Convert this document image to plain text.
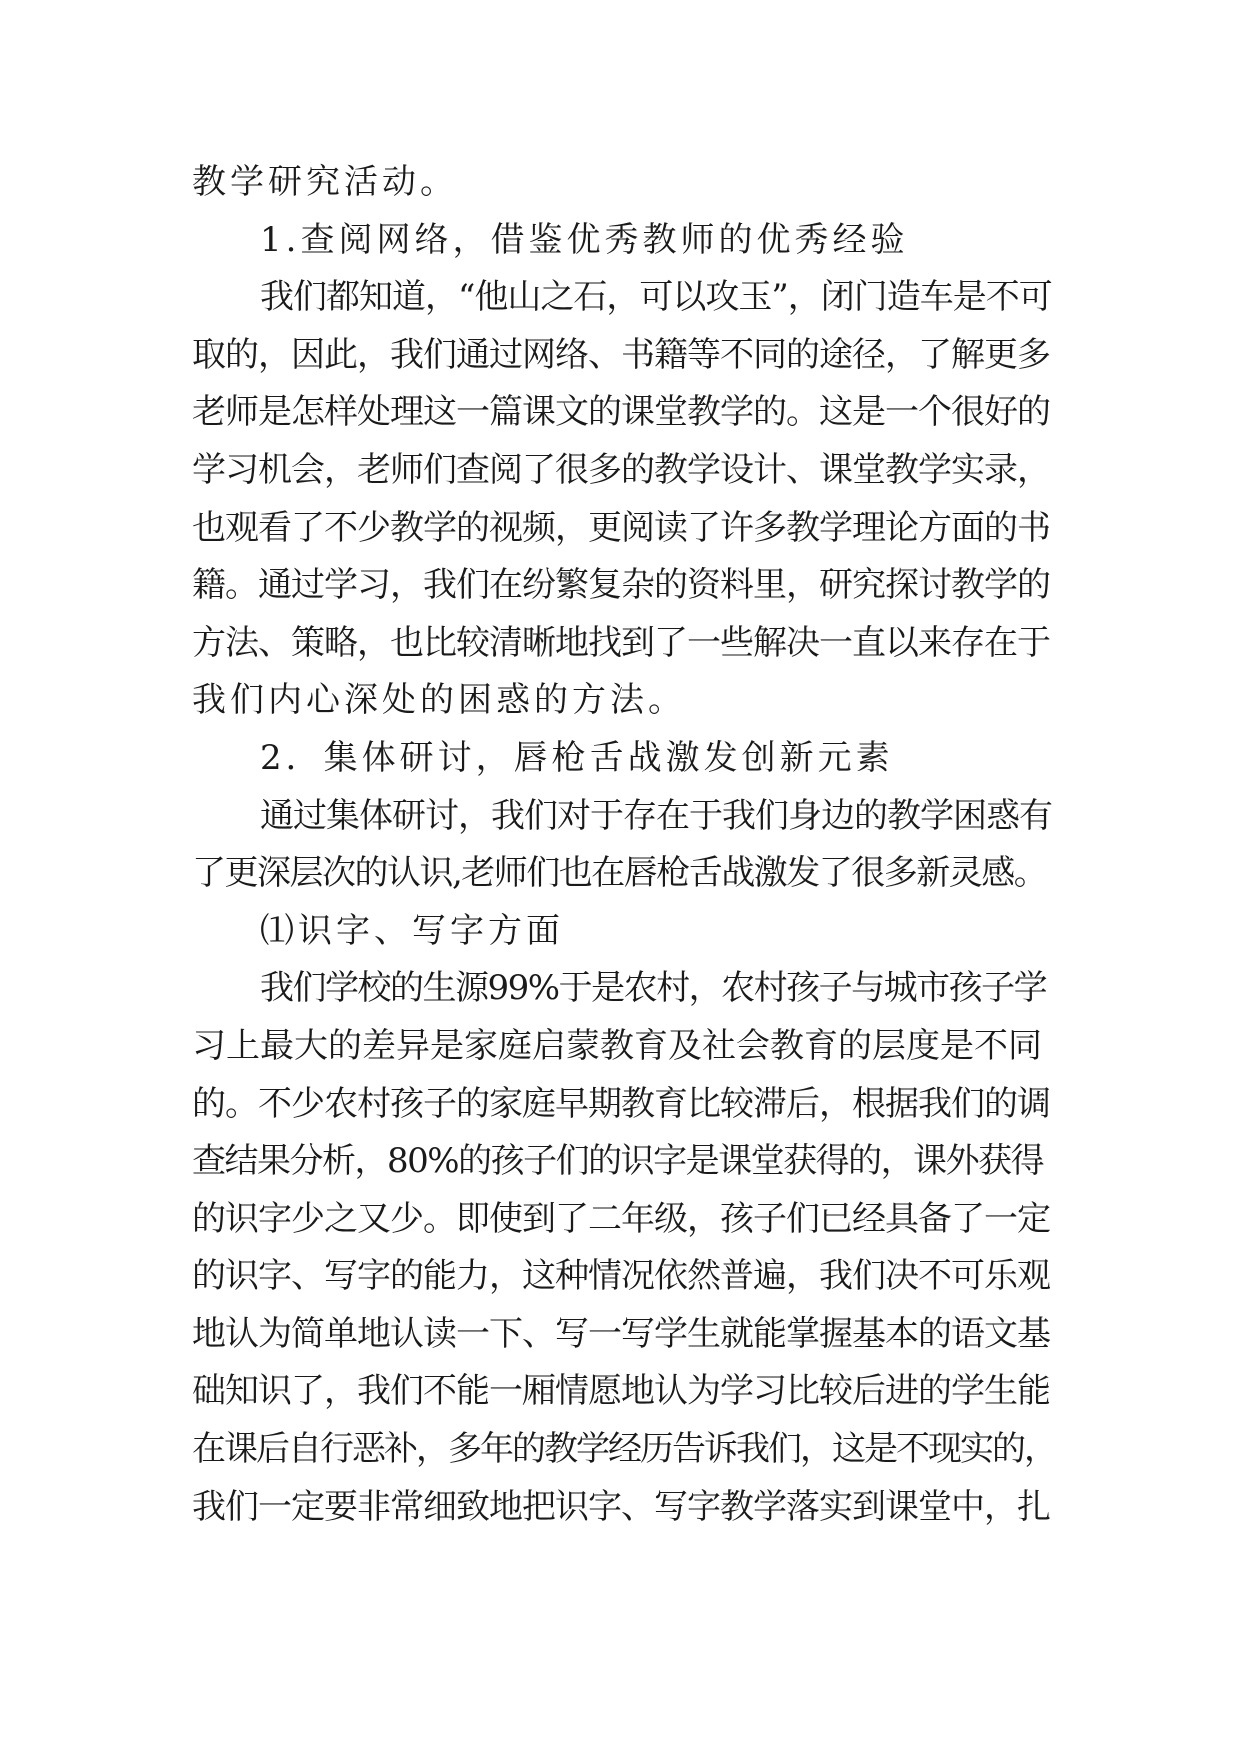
教学研究活动。
1.查阅网络，借鉴优秀教师的优秀经验
我们都知道，“他山之石，可以攻玉”，闭门造车是不可
取的，因此，我们通过网络、书籍等不同的途径，了解更多
老师是怎样处理这一篇课文的课堂教学的。这是一个很好的
学习机会，老师们查阅了很多的教学设计、课堂教学实录，
也观看了不少教学的视频，更阅读了许多教学理论方面的书
籍。通过学习，我们在纷繁复杂的资料里，研究探讨教学的
方法、策略，也比较清晰地找到了一些解决一直以来存在于
我们内心深处的困惑的方法。
2．集体研讨，唇枪舌战激发创新元素
通过集体研讨，我们对于存在于我们身边的教学困惑有
了更深层次的认识,老师们也在唇枪舌战激发了很多新灵感。
⑴识字、写字方面
我们学校的生源99%于是农村，农村孩子与城市孩子学
习上最大的差异是家庭启蒙教育及社会教育的层度是不同
的。不少农村孩子的家庭早期教育比较滞后，根据我们的调
查结果分析，80%的孩子们的识字是课堂获得的，课外获得
的识字少之又少。即使到了二年级，孩子们已经具备了一定
的识字、写字的能力，这种情况依然普遍，我们决不可乐观
地认为简单地认读一下、写一写学生就能掌握基本的语文基
础知识了，我们不能一厢情愿地认为学习比较后进的学生能
在课后自行恶补，多年的教学经历告诉我们，这是不现实的，
我们一定要非常细致地把识字、写字教学落实到课堂中，扎
